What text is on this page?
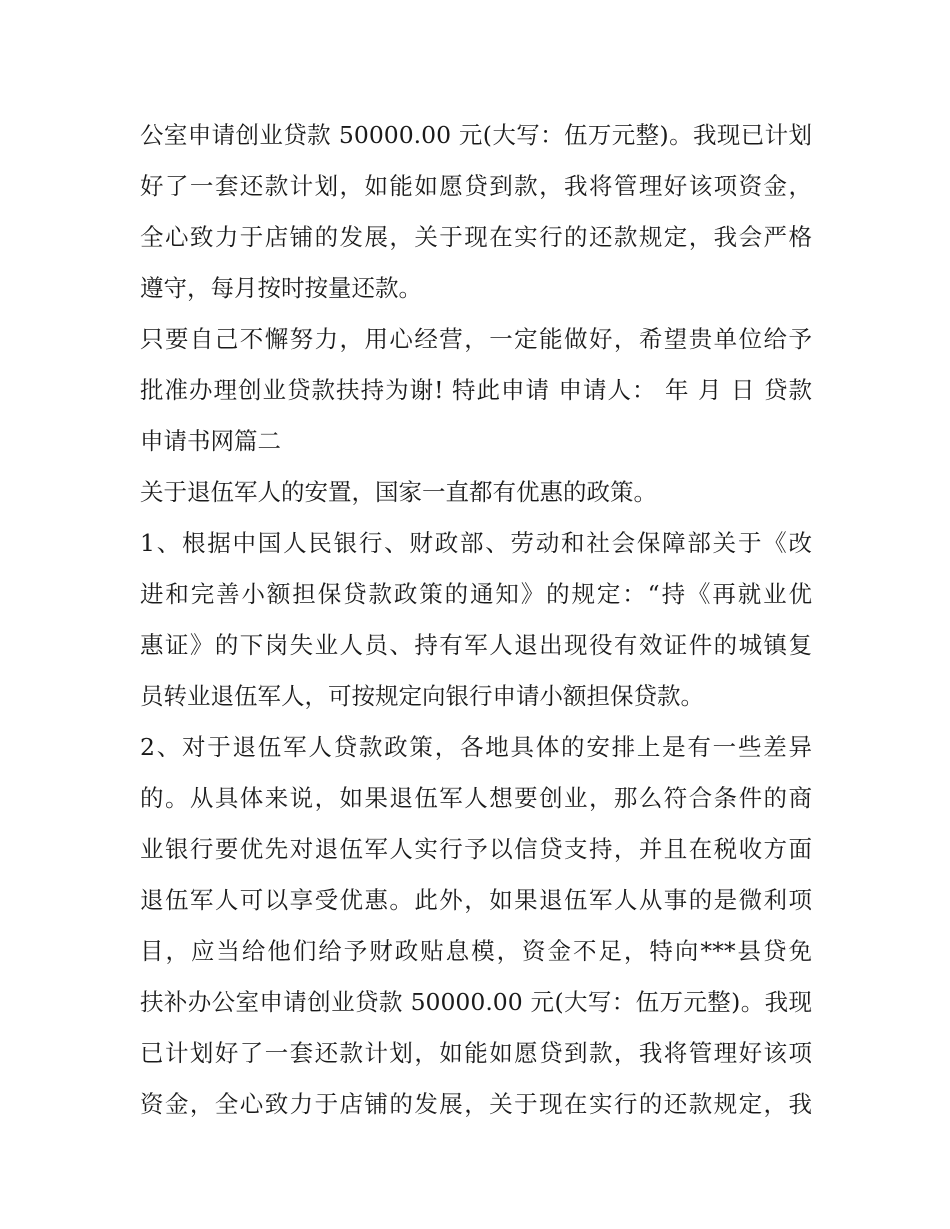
公室申请创业贷款 50000.00 元(大写：伍万元整)。我现已计划
好了一套还款计划，如能如愿贷到款，我将管理好该项资金，
全心致力于店铺的发展，关于现在实行的还款规定，我会严格
遵守，每月按时按量还款。
只要自己不懈努力，用心经营，一定能做好，希望贵单位给予
批准办理创业贷款扶持为谢! 特此申请 申请人： 年 月 日 贷款
申请书网篇二
关于退伍军人的安置，国家一直都有优惠的政策。
1、根据中国人民银行、财政部、劳动和社会保障部关于《改
进和完善小额担保贷款政策的通知》的规定：“持《再就业优
惠证》的下岗失业人员、持有军人退出现役有效证件的城镇复
员转业退伍军人，可按规定向银行申请小额担保贷款。
2、对于退伍军人贷款政策，各地具体的安排上是有一些差异
的。从具体来说，如果退伍军人想要创业，那么符合条件的商
业银行要优先对退伍军人实行予以信贷支持，并且在税收方面
退伍军人可以享受优惠。此外，如果退伍军人从事的是微利项
目，应当给他们给予财政贴息模，资金不足，特向***县贷免
扶补办公室申请创业贷款 50000.00 元(大写：伍万元整)。我现
已计划好了一套还款计划，如能如愿贷到款，我将管理好该项
资金，全心致力于店铺的发展，关于现在实行的还款规定，我
